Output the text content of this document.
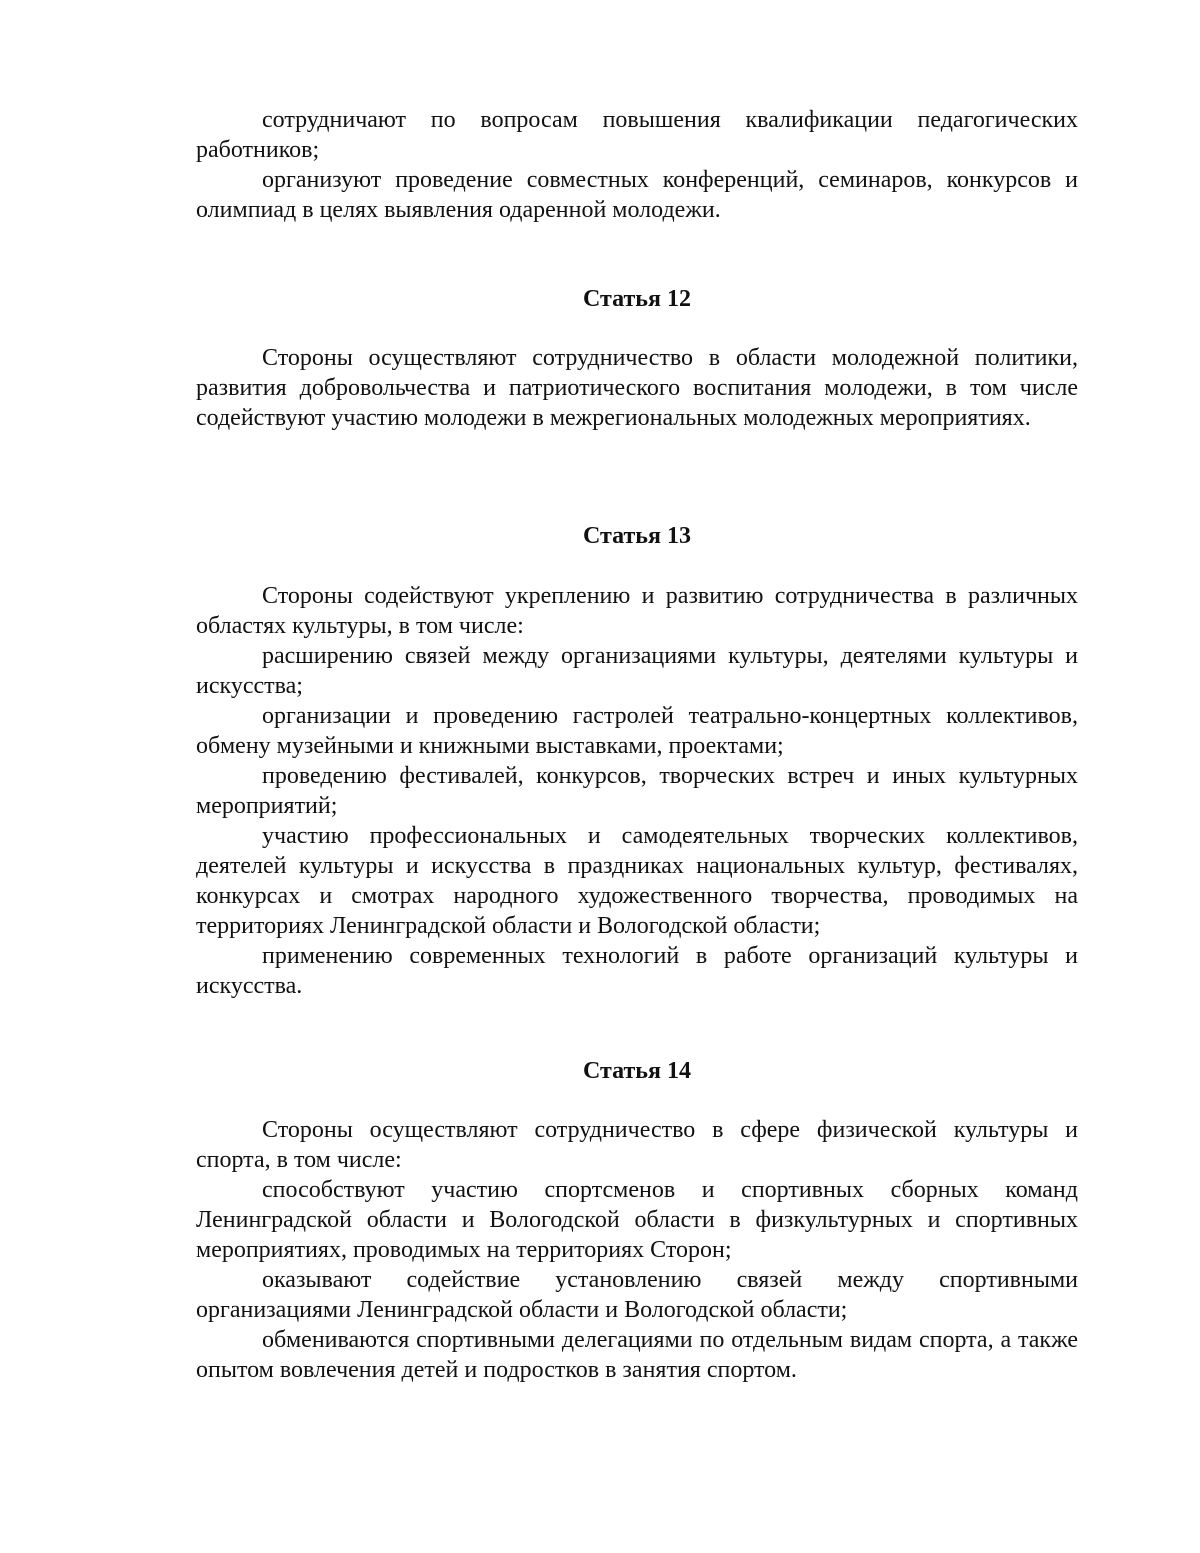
сотрудничают по вопросам повышения квалификации педагогических работников;

организуют проведение совместных конференций, семинаров, конкурсов и олимпиад в целях выявления одаренной молодежи.

Статья 12

Стороны осуществляют сотрудничество в области молодежной политики, развития добровольчества и патриотического воспитания молодежи, в том числе содействуют участию молодежи в межрегиональных молодежных мероприятиях.

Статья 13

Стороны содействуют укреплению и развитию сотрудничества в различных областях культуры, в том числе:

расширению связей между организациями культуры, деятелями культуры и искусства;

организации и проведению гастролей театрально-концертных коллективов, обмену музейными и книжными выставками, проектами;

проведению фестивалей, конкурсов, творческих встреч и иных культурных мероприятий;

участию профессиональных и самодеятельных творческих коллективов, деятелей культуры и искусства в праздниках национальных культур, фестивалях, конкурсах и смотрах народного художественного творчества, проводимых на территориях Ленинградской области и Вологодской области;

применению современных технологий в работе организаций культуры и искусства.

Статья 14

Стороны осуществляют сотрудничество в сфере физической культуры и спорта, в том числе:

способствуют участию спортсменов и спортивных сборных команд Ленинградской области и Вологодской области в физкультурных и спортивных мероприятиях, проводимых на территориях Сторон;

оказывают содействие установлению связей между спортивными организациями Ленинградской области и Вологодской области;

обмениваются спортивными делегациями по отдельным видам спорта, а также опытом вовлечения детей и подростков в занятия спортом.
